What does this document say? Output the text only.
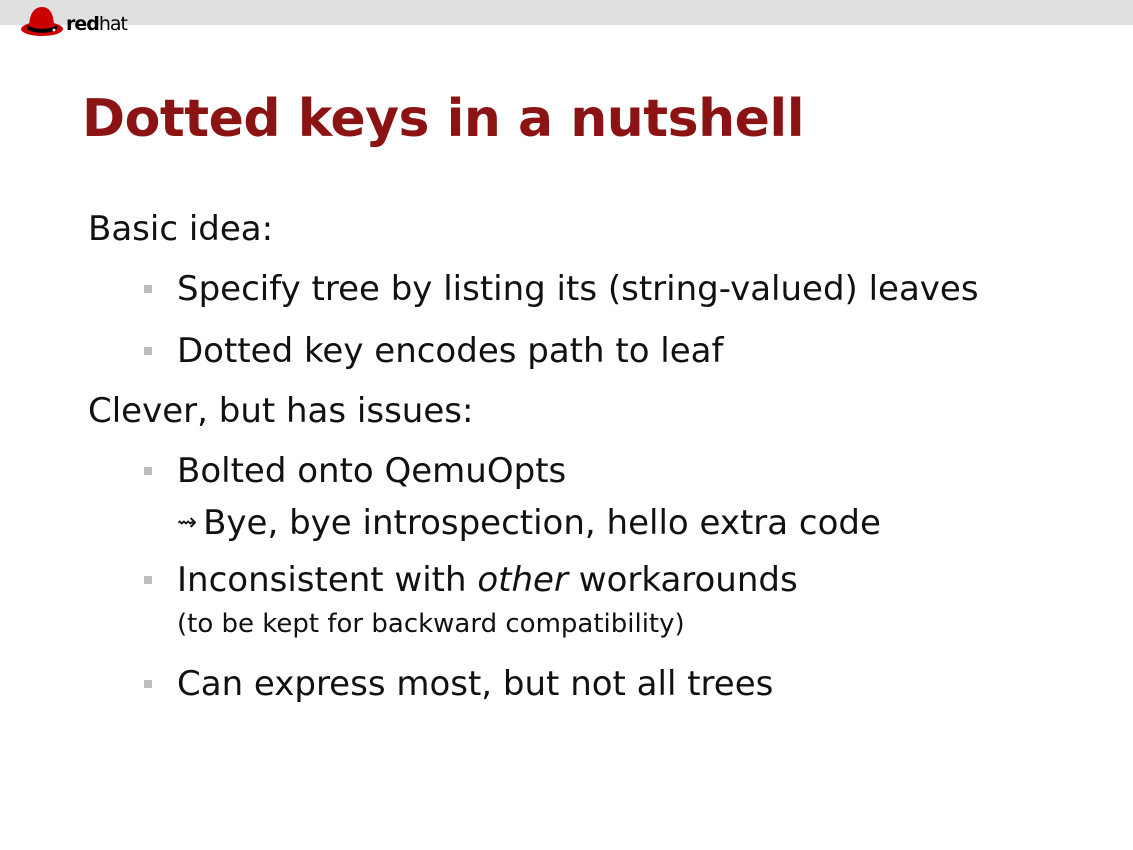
redhat
Dotted keys in a nutshell

Basic idea:

Specify tree by listing its (string-valued) leaves
Dotted key encodes path to leaf

Clever, but has issues:

Bolted onto QemuOpts
⇝ Bye, bye introspection, hello extra code
Inconsistent with other workarounds
(to be kept for backward compatibility)
Can express most, but not all trees
